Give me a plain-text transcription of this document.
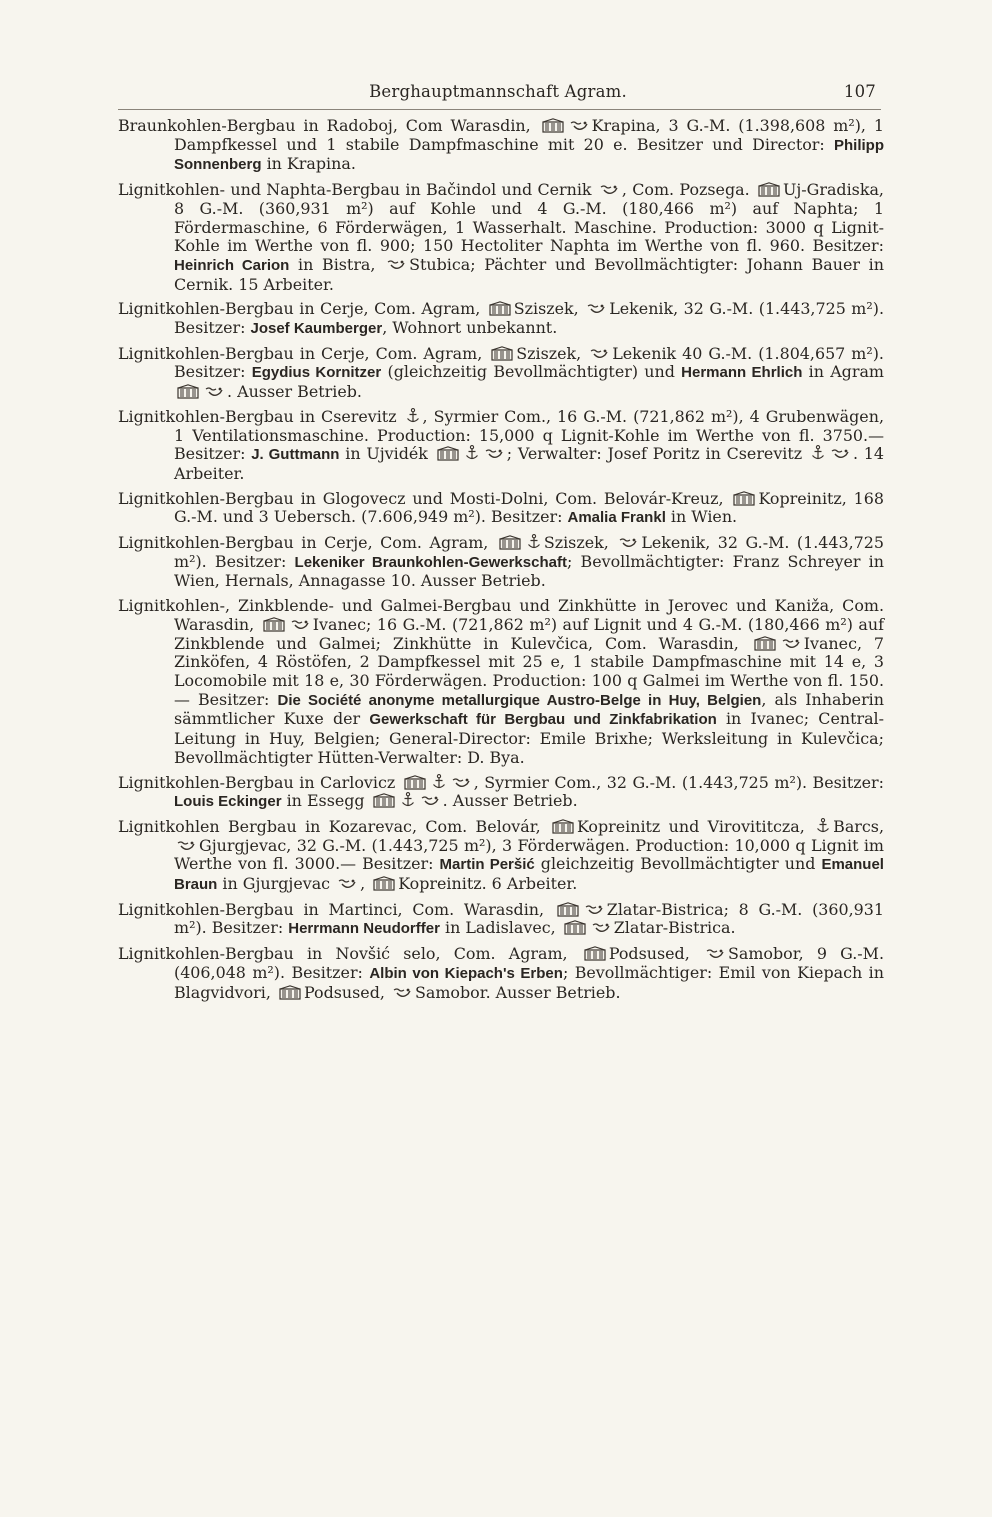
Berghauptmannschaft Agram.	107

Braunkohlen-Bergbau in Radoboj, Com Warasdin,	Krapina, 3 G.-M. (1.398,608 m²), 1 Dampfkessel und 1 stabile Dampfmaschine mit 20 e. Besitzer und Director: Philipp Sonnenberg in Krapina.

Lignitkohlen- und Naphta-Bergbau in Bačindol und Cernik
, Com. Pozsega.
Uj-Gradiska, 8 G.-M. (360,931 m²) auf Kohle und 4 G.-M. (180,466 m²) auf Naphta; 1 Fördermaschine, 6 Förderwägen, 1 Wasserhalt. Maschine. Production: 3000 q Lignit-Kohle im Werthe von fl. 900; 150 Hectoliter Naphta im Werthe von fl. 960. Besitzer: Heinrich Carion in Bistra,
Stubica; Pächter und Bevollmächtigter: Johann Bauer in Cernik. 15 Arbeiter.

Lignitkohlen-Bergbau in Cerje, Com. Agram,
Sziszek,
Lekenik, 32 G.-M. (1.443,725 m²). Besitzer: Josef Kaumberger, Wohnort unbekannt.

Lignitkohlen-Bergbau in Cerje, Com. Agram,
Sziszek,
Lekenik 40 G.-M. (1.804,657 m²). Besitzer: Egydius Kornitzer (gleichzeitig Bevollmächtigter) und Hermann Ehrlich in Agram
. Ausser Betrieb.

Lignitkohlen-Bergbau in Cserevitz
, Syrmier Com., 16 G.-M. (721,862 m²), 4 Grubenwägen, 1 Ventilationsmaschine. Production: 15,000 q Lignit-Kohle im Werthe von fl. 3750.— Besitzer: J. Guttmann in Ujvidék	; Verwalter: Josef Poritz in Cserevitz	. 14 Arbeiter.

Lignitkohlen-Bergbau in Glogovecz und Mosti-Dolni, Com. Belovár-Kreuz,
Kopreinitz, 168 G.-M. und 3 Uebersch. (7.606,949 m²). Besitzer: Amalia Frankl in Wien.

Lignitkohlen-Bergbau in Cerje, Com. Agram,	Sziszek,
Lekenik, 32 G.-M. (1.443,725 m²). Besitzer: Lekeniker Braunkohlen-Gewerkschaft; Bevollmächtigter: Franz Schreyer in Wien, Hernals, Annagasse 10. Ausser Betrieb.

Lignitkohlen-, Zinkblende- und Galmei-Bergbau und Zinkhütte in Jerovec und Kaniža, Com. Warasdin,	Ivanec; 16 G.-M. (721,862 m²) auf Lignit und 4 G.-M. (180,466 m²) auf Zinkblende und Galmei; Zinkhütte in Kulevčica, Com. Warasdin,	Ivanec, 7 Zinköfen, 4 Röstöfen, 2 Dampfkessel mit 25 e, 1 stabile Dampfmaschine mit 14 e, 3 Locomobile mit 18 e, 30 Förderwägen. Production: 100 q Galmei im Werthe von fl. 150.— Besitzer: Die Société anonyme metallurgique Austro-Belge in Huy, Belgien, als Inhaberin sämmtlicher Kuxe der Gewerkschaft für Bergbau und Zinkfabrikation in Ivanec; Central-Leitung in Huy, Belgien; General-Director: Emile Brixhe; Werksleitung in Kulevčica; Bevollmächtigter Hütten-Verwalter: D. Bya.

Lignitkohlen-Bergbau in Carlovicz	, Syrmier Com., 32 G.-M. (1.443,725 m²). Besitzer: Louis Eckinger in Essegg	. Ausser Betrieb.

Lignitkohlen Bergbau in Kozarevac, Com. Belovár,
Kopreinitz und Virovititcza,
Barcs,
Gjurgjevac, 32 G.-M. (1.443,725 m²), 3 Förderwägen. Production: 10,000 q Lignit im Werthe von fl. 3000.— Besitzer: Martin Peršić gleichzeitig Bevollmächtigter und Emanuel Braun in Gjurgjevac
,
Kopreinitz. 6 Arbeiter.

Lignitkohlen-Bergbau in Martinci, Com. Warasdin,	Zlatar-Bistrica; 8 G.-M. (360,931 m²). Besitzer: Herrmann Neudorffer in Ladislavec,	Zlatar-Bistrica.

Lignitkohlen-Bergbau in Novšić selo, Com. Agram,
Podsused,
Samobor, 9 G.-M. (406,048 m²). Besitzer: Albin von Kiepach's Erben; Bevollmächtiger: Emil von Kiepach in Blagvidvori,
Podsused,
Samobor. Ausser Betrieb.
